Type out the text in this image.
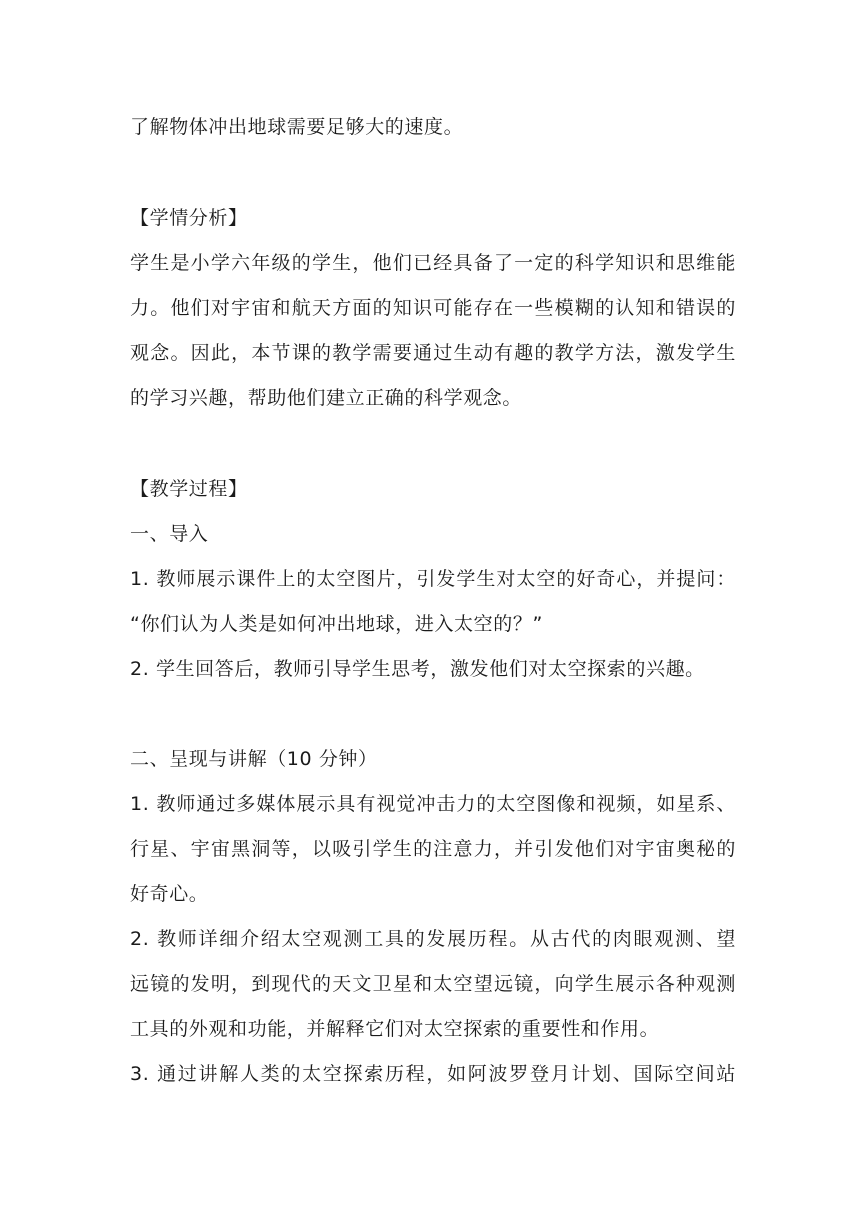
了解物体冲出地球需要足够大的速度。
【学情分析】
学生是小学六年级的学生，他们已经具备了一定的科学知识和思维能
力。他们对宇宙和航天方面的知识可能存在一些模糊的认知和错误的
观念。因此，本节课的教学需要通过生动有趣的教学方法，激发学生
的学习兴趣，帮助他们建立正确的科学观念。
【教学过程】
一、导入
1. 教师展示课件上的太空图片，引发学生对太空的好奇心，并提问：
“你们认为人类是如何冲出地球，进入太空的？”
2. 学生回答后，教师引导学生思考，激发他们对太空探索的兴趣。
二、呈现与讲解（10 分钟）
1. 教师通过多媒体展示具有视觉冲击力的太空图像和视频，如星系、
行星、宇宙黑洞等，以吸引学生的注意力，并引发他们对宇宙奥秘的
好奇心。
2. 教师详细介绍太空观测工具的发展历程。从古代的肉眼观测、望
远镜的发明，到现代的天文卫星和太空望远镜，向学生展示各种观测
工具的外观和功能，并解释它们对太空探索的重要性和作用。
3. 通过讲解人类的太空探索历程，如阿波罗登月计划、国际空间站
